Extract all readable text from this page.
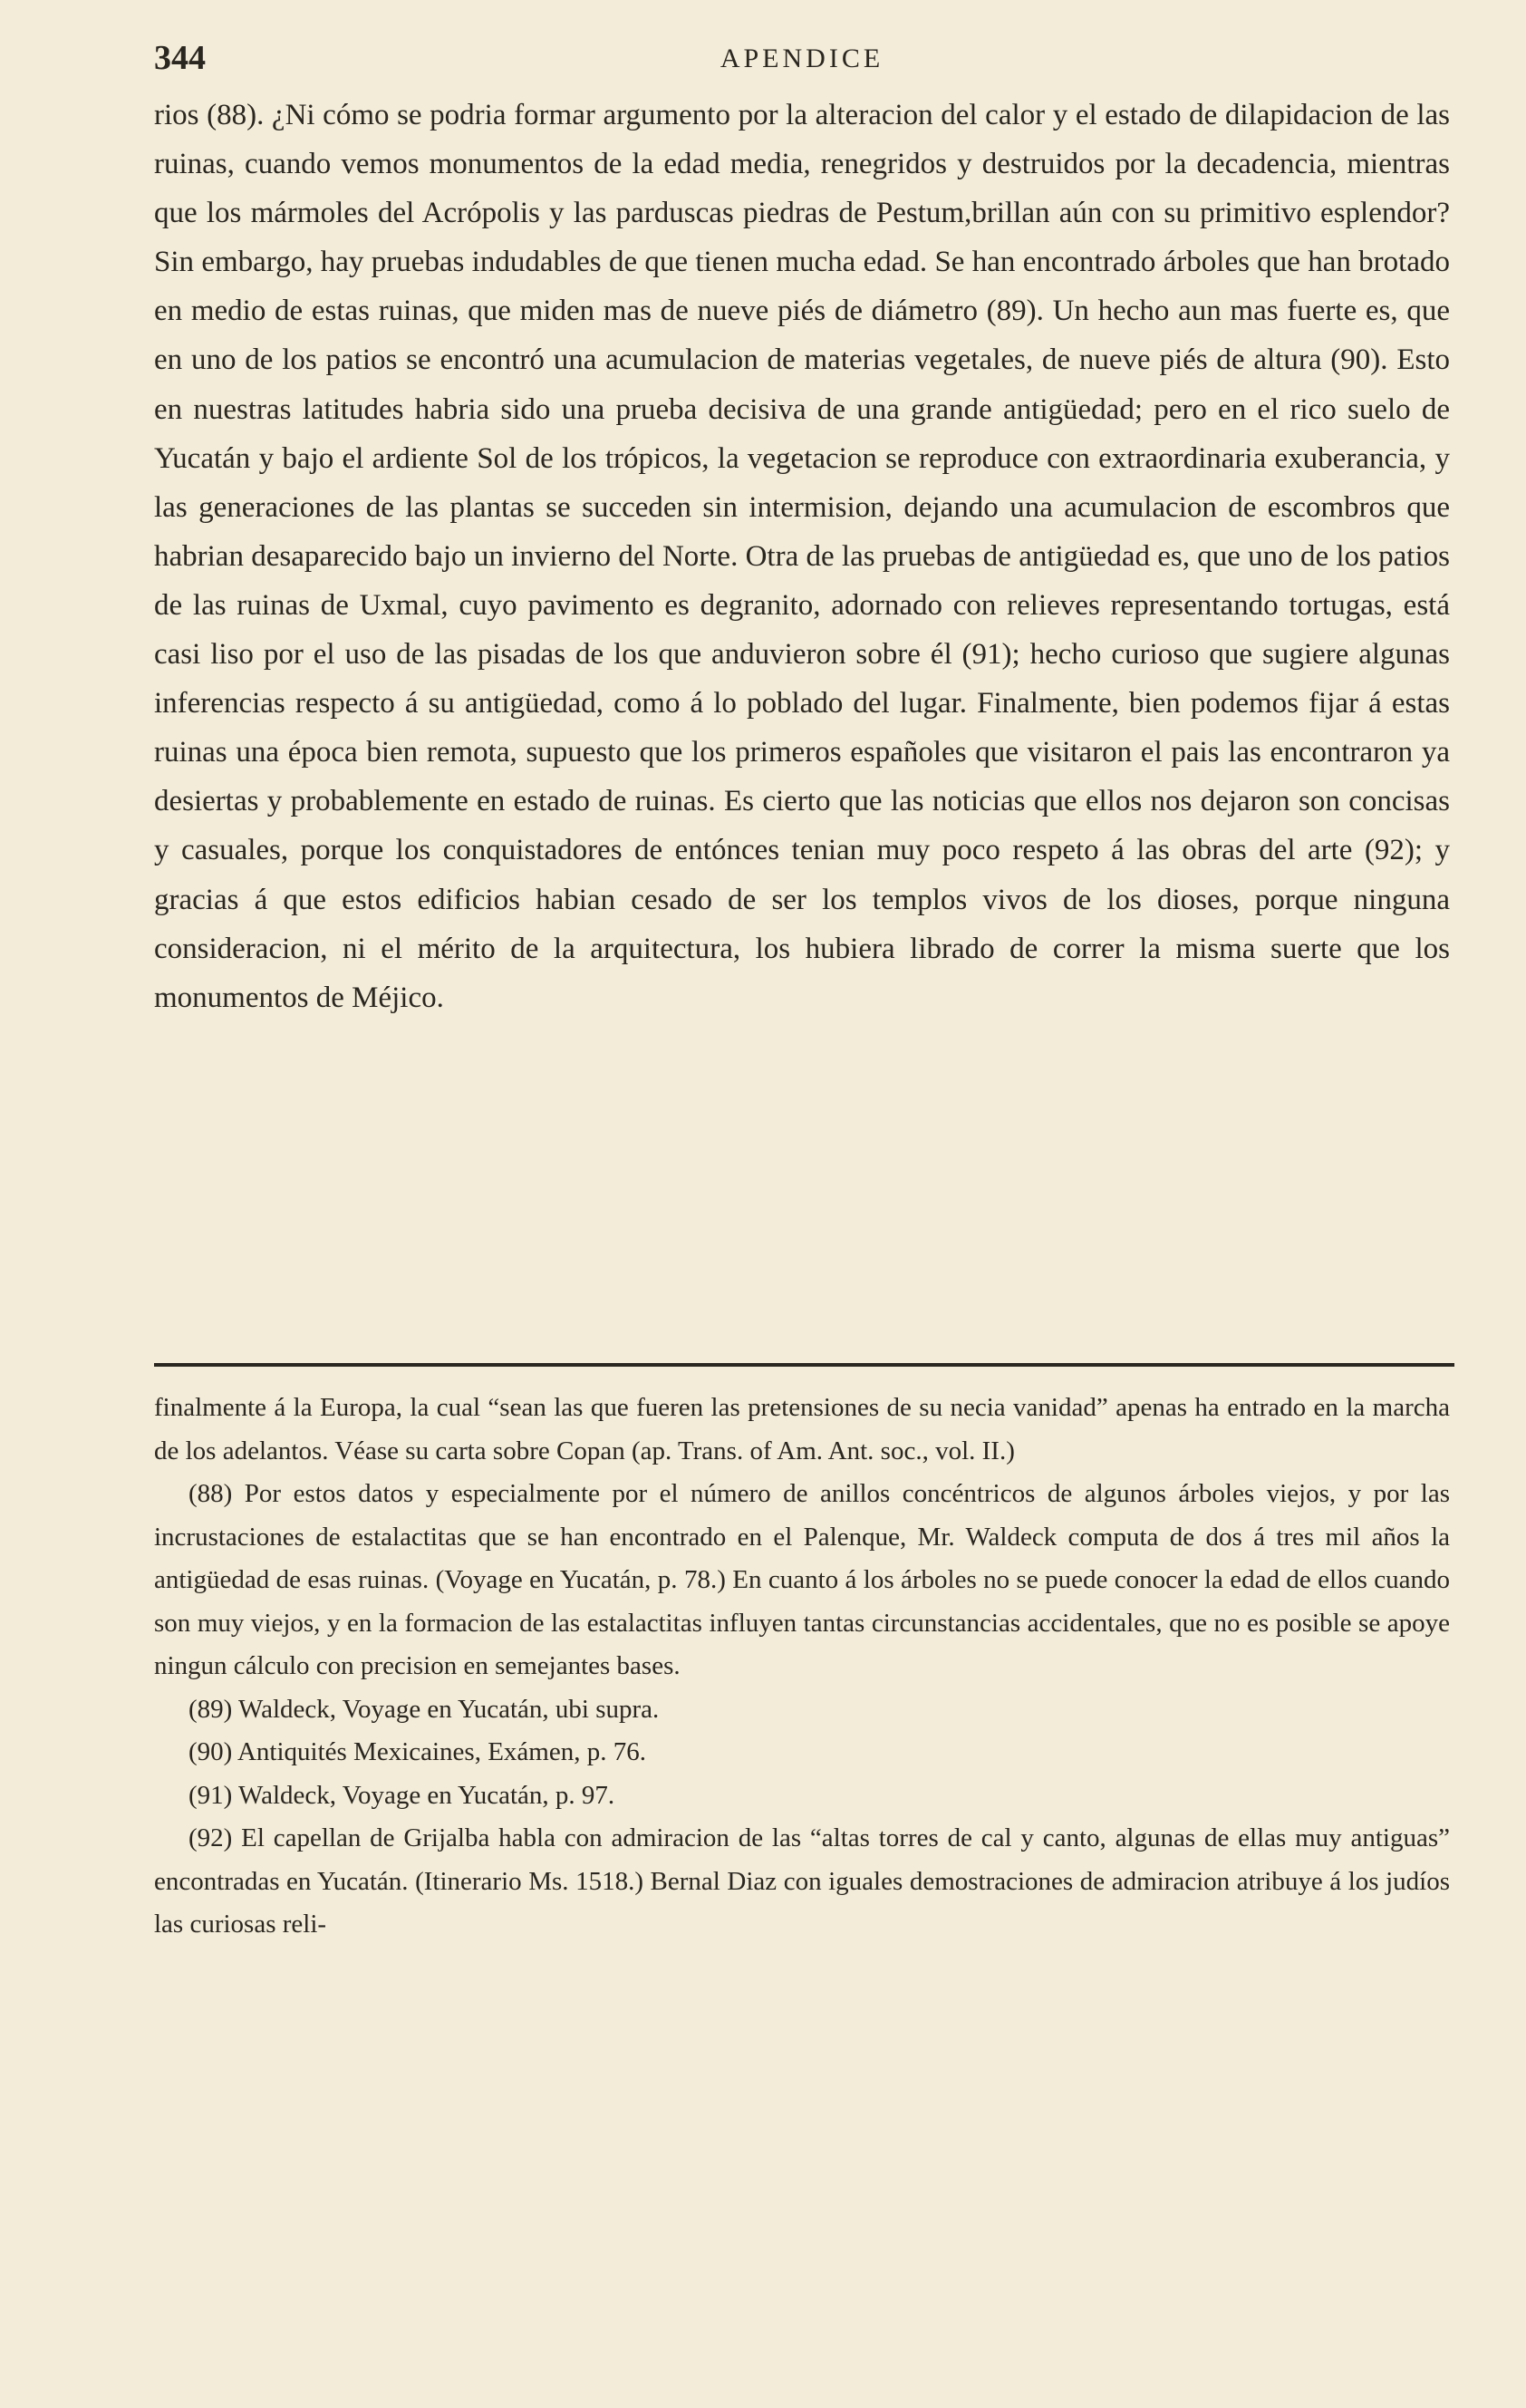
344	APENDICE

rios (88). ¿Ni cómo se podria formar argumento por la alteracion del calor y el estado de dilapidacion de las ruinas, cuando vemos monumentos de la edad media, renegridos y destruidos por la decadencia, mientras que los mármoles del Acrópolis y las parduscas piedras de Pestum,brillan aún con su primitivo esplendor? Sin embargo, hay pruebas indudables de que tienen mucha edad. Se han encontrado árboles que han brotado en medio de estas ruinas, que miden mas de nueve piés de diámetro (89). Un hecho aun mas fuerte es, que en uno de los patios se encontró una acumulacion de materias vegetales, de nueve piés de altura (90). Esto en nuestras latitudes habria sido una prueba decisiva de una grande antigüedad; pero en el rico suelo de Yucatán y bajo el ardiente Sol de los trópicos, la vegetacion se reproduce con extraordinaria exuberancia, y las generaciones de las plantas se succeden sin intermision, dejando una acumulacion de escombros que habrian desaparecido bajo un invierno del Norte. Otra de las pruebas de antigüedad es, que uno de los patios de las ruinas de Uxmal, cuyo pavimento es degranito, adornado con relieves representando tortugas, está casi liso por el uso de las pisadas de los que anduvieron sobre él (91); hecho curioso que sugiere algunas inferencias respecto á su antigüedad, como á lo poblado del lugar. Finalmente, bien podemos fijar á estas ruinas una época bien remota, supuesto que los primeros españoles que visitaron el pais las encontraron ya desiertas y probablemente en estado de ruinas. Es cierto que las noticias que ellos nos dejaron son concisas y casuales, porque los conquistadores de entónces tenian muy poco respeto á las obras del arte (92); y gracias á que estos edificios habian cesado de ser los templos vivos de los dioses, porque ninguna consideracion, ni el mérito de la arquitectura, los hubiera librado de correr la misma suerte que los monumentos de Méjico.

finalmente á la Europa, la cual “sean las que fueren las pretensiones de su necia vanidad” apenas ha entrado en la marcha de los adelantos. Véase su carta sobre Copan (ap. Trans. of Am. Ant. soc., vol. II.)

(88) Por estos datos y especialmente por el número de anillos concéntricos de algunos árboles viejos, y por las incrustaciones de estalactitas que se han encontrado en el Palenque, Mr. Waldeck computa de dos á tres mil años la antigüedad de esas ruinas. (Voyage en Yucatán, p. 78.) En cuanto á los árboles no se puede conocer la edad de ellos cuando son muy viejos, y en la formacion de las estalactitas influyen tantas circunstancias accidentales, que no es posible se apoye ningun cálculo con precision en semejantes bases.

(89) Waldeck, Voyage en Yucatán, ubi supra.

(90) Antiquités Mexicaines, Exámen, p. 76.

(91) Waldeck, Voyage en Yucatán, p. 97.

(92) El capellan de Grijalba habla con admiracion de las “altas torres de cal y canto, algunas de ellas muy antiguas” encontradas en Yucatán. (Itinerario Ms. 1518.) Bernal Diaz con iguales demostraciones de admiracion atribuye á los judíos las curiosas reli-
